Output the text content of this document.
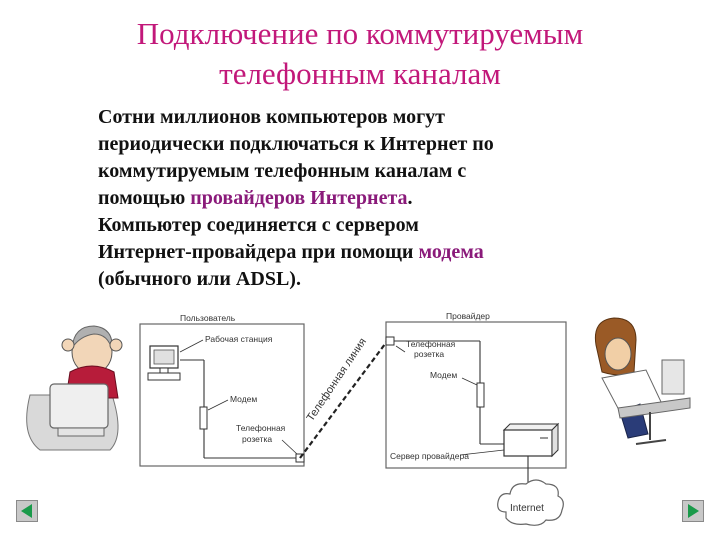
Подключение по коммутируемым
телефонным каналам
Сотни миллионов компьютеров могут
периодически подключаться к Интернет по
коммутируемым телефонным каналам с
помощью провайдеров Интернета.
Компьютер соединяется с сервером
Интернет-провайдера при помощи модема
(обычного или ADSL).
Пользователь
Рабочая станция
Модем
Телефонная
розетка
Телефонная линия
Провайдер
Телефонная
розетка
Модем
Сервер провайдера
Internet
